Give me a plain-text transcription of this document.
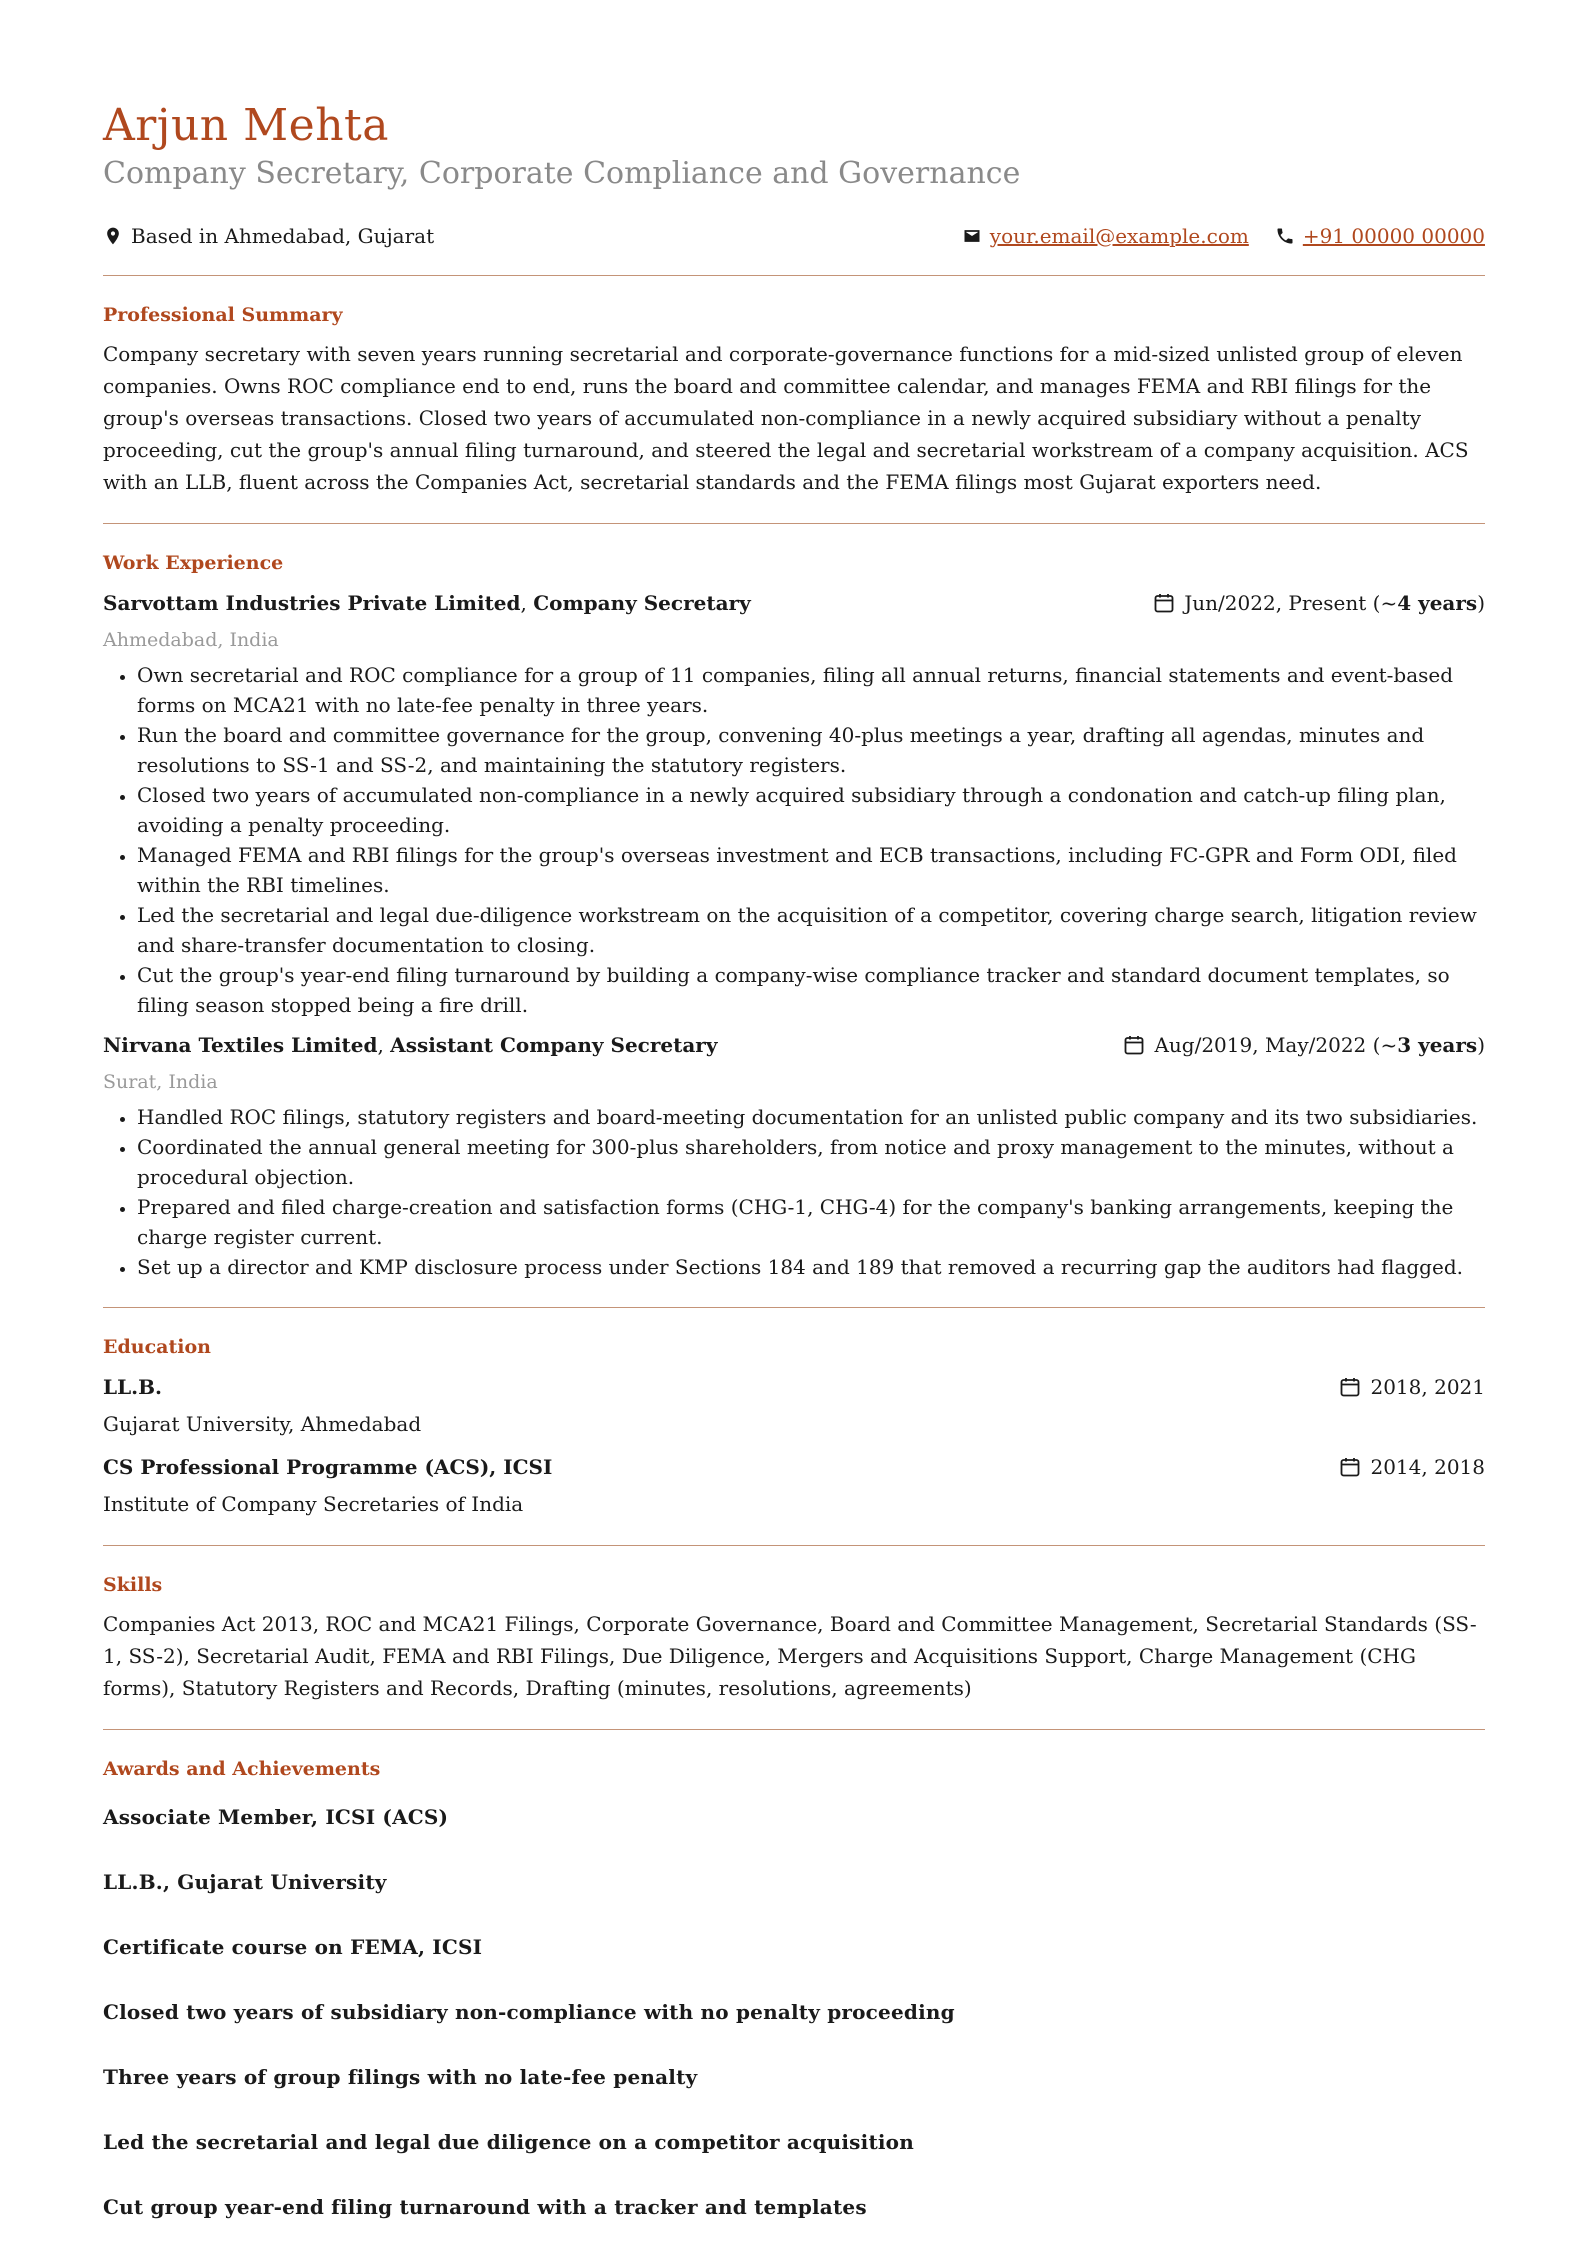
Arjun Mehta
Company Secretary, Corporate Compliance and Governance
Based in Ahmedabad, Gujarat	your.email@example.com	+91 00000 00000
Professional Summary

Company secretary with seven years running secretarial and corporate-governance functions for a mid-sized unlisted group of eleven companies. Owns ROC compliance end to end, runs the board and committee calendar, and manages FEMA and RBI filings for the group's overseas transactions. Closed two years of accumulated non-compliance in a newly acquired subsidiary without a penalty proceeding, cut the group's annual filing turnaround, and steered the legal and secretarial workstream of a company acquisition. ACS with an LLB, fluent across the Companies Act, secretarial standards and the FEMA filings most Gujarat exporters need.

Work Experience
Sarvottam Industries Private Limited, Company Secretary	Jun/2022, Present (~ 4 years )
Ahmedabad, India
• Own secretarial and ROC compliance for a group of 11 companies, filing all annual returns, financial statements and event-based forms on MCA21 with no late-fee penalty in three years.
• Run the board and committee governance for the group, convening 40-plus meetings a year, drafting all agendas, minutes and resolutions to SS-1 and SS-2, and maintaining the statutory registers.
• Closed two years of accumulated non-compliance in a newly acquired subsidiary through a condonation and catch-up filing plan, avoiding a penalty proceeding.
• Managed FEMA and RBI filings for the group's overseas investment and ECB transactions, including FC-GPR and Form ODI, filed within the RBI timelines.
• Led the secretarial and legal due-diligence workstream on the acquisition of a competitor, covering charge search, litigation review and share-transfer documentation to closing.
• Cut the group's year-end filing turnaround by building a company-wise compliance tracker and standard document templates, so filing season stopped being a fire drill.
Nirvana Textiles Limited, Assistant Company Secretary	Aug/2019, May/2022 (~ 3 years )
Surat, India
• Handled ROC filings, statutory registers and board-meeting documentation for an unlisted public company and its two subsidiaries.
• Coordinated the annual general meeting for 300-plus shareholders, from notice and proxy management to the minutes, without a procedural objection.
• Prepared and filed charge-creation and satisfaction forms (CHG-1, CHG-4) for the company's banking arrangements, keeping the charge register current.
• Set up a director and KMP disclosure process under Sections 184 and 189 that removed a recurring gap the auditors had flagged.
Education
LL.B.	2018, 2021
Gujarat University, Ahmedabad
CS Professional Programme (ACS), ICSI	2014, 2018
Institute of Company Secretaries of India
Skills

Companies Act 2013, ROC and MCA21 Filings, Corporate Governance, Board and Committee Management, Secretarial Standards (SS-1, SS-2), Secretarial Audit, FEMA and RBI Filings, Due Diligence, Mergers and Acquisitions Support, Charge Management (CHG forms), Statutory Registers and Records, Drafting (minutes, resolutions, agreements)

Awards and Achievements
Associate Member, ICSI (ACS)
LL.B., Gujarat University
Certificate course on FEMA, ICSI
Closed two years of subsidiary non-compliance with no penalty proceeding
Three years of group filings with no late-fee penalty
Led the secretarial and legal due diligence on a competitor acquisition
Cut group year-end filing turnaround with a tracker and templates
